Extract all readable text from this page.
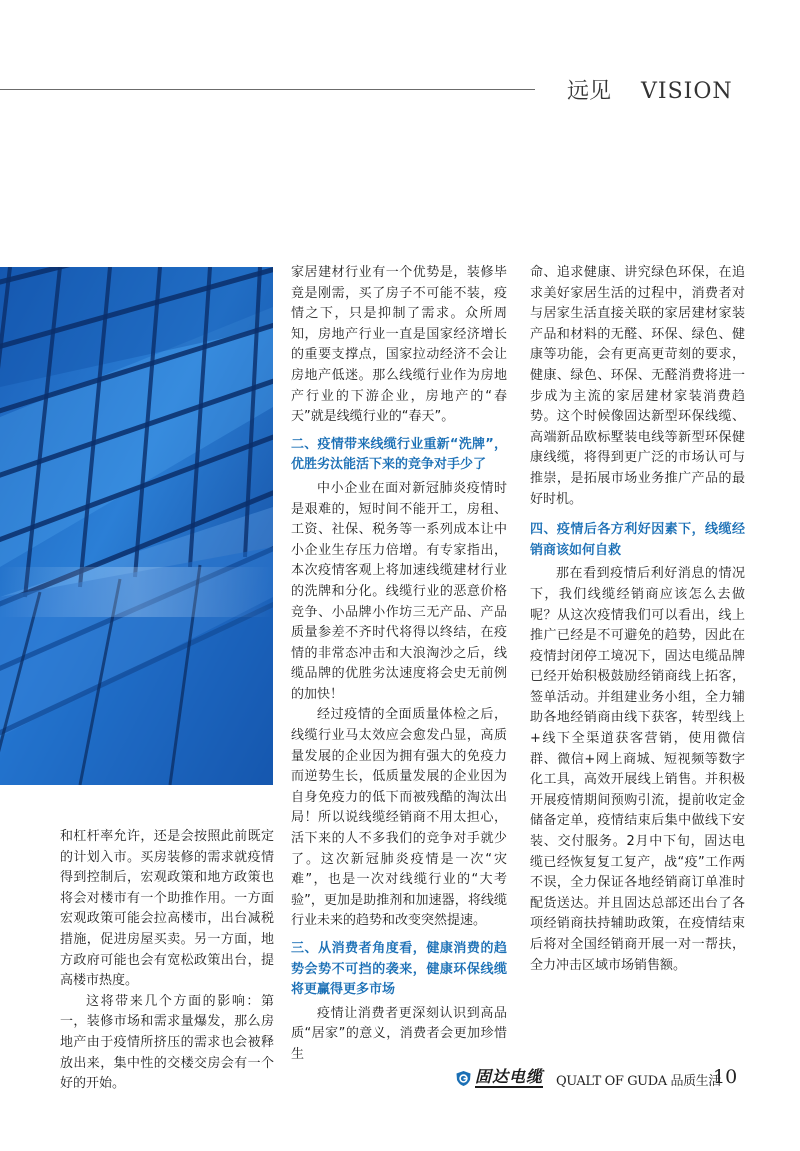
远见 VISION

和杠杆率允许，还是会按照此前既定的计划入市。买房装修的需求就疫情得到控制后，宏观政策和地方政策也将会对楼市有一个助推作用。一方面宏观政策可能会拉高楼市，出台减税措施，促进房屋买卖。另一方面，地方政府可能也会有宽松政策出台，提高楼市热度。

这将带来几个方面的影响：第一，装修市场和需求量爆发，那么房地产由于疫情所挤压的需求也会被释放出来，集中性的交楼交房会有一个好的开始。

家居建材行业有一个优势是，装修毕竟是刚需，买了房子不可能不装，疫情之下，只是抑制了需求。众所周知，房地产行业一直是国家经济增长的重要支撑点，国家拉动经济不会让房地产低迷。那么线缆行业作为房地产行业的下游企业，房地产的“春天”就是线缆行业的“春天”。

二、疫情带来线缆行业重新“洗牌”，优胜劣汰能活下来的竞争对手少了

中小企业在面对新冠肺炎疫情时是艰难的，短时间不能开工，房租、工资、社保、税务等一系列成本让中小企业生存压力倍增。有专家指出，本次疫情客观上将加速线缆建材行业的洗牌和分化。线缆行业的恶意价格竞争、小品牌小作坊三无产品、产品质量参差不齐时代将得以终结，在疫情的非常态冲击和大浪淘沙之后，线缆品牌的优胜劣汰速度将会史无前例的加快！

经过疫情的全面质量体检之后，线缆行业马太效应会愈发凸显，高质量发展的企业因为拥有强大的免疫力而逆势生长，低质量发展的企业因为自身免疫力的低下而被残酷的淘汰出局！所以说线缆经销商不用太担心，活下来的人不多我们的竞争对手就少了。这次新冠肺炎疫情是一次“灾难”，也是一次对线缆行业的“大考验”，更加是助推剂和加速器，将线缆行业未来的趋势和改变突然提速。

三、从消费者角度看，健康消费的趋势会势不可挡的袭来，健康环保线缆将更赢得更多市场

疫情让消费者更深刻认识到高品质“居家”的意义，消费者会更加珍惜生

命、追求健康、讲究绿色环保，在追求美好家居生活的过程中，消费者对与居家生活直接关联的家居建材家装产品和材料的无醛、环保、绿色、健康等功能，会有更高更苛刻的要求，健康、绿色、环保、无醛消费将进一步成为主流的家居建材家装消费趋势。这个时候像固达新型环保线缆、高端新品欧标墅装电线等新型环保健康线缆，将得到更广泛的市场认可与推崇，是拓展市场业务推广产品的最好时机。

四、疫情后各方利好因素下，线缆经销商该如何自救

那在看到疫情后利好消息的情况下，我们线缆经销商应该怎么去做呢？从这次疫情我们可以看出，线上推广已经是不可避免的趋势，因此在疫情封闭停工境况下，固达电缆品牌已经开始积极鼓励经销商线上拓客，签单活动。并组建业务小组，全力辅助各地经销商由线下获客，转型线上+线下全渠道获客营销，使用微信群、微信+网上商城、短视频等数字化工具，高效开展线上销售。并积极开展疫情期间预购引流，提前收定金储备定单，疫情结束后集中做线下安装、交付服务。2月中下旬，固达电缆已经恢复复工复产，战“疫”工作两不误，全力保证各地经销商订单准时配货送达。并且固达总部还出台了各项经销商扶持辅助政策，在疫情结束后将对全国经销商开展一对一帮扶，全力冲击区域市场销售额。

固达电缆 QUALT OF GUDA 品质生活
10
